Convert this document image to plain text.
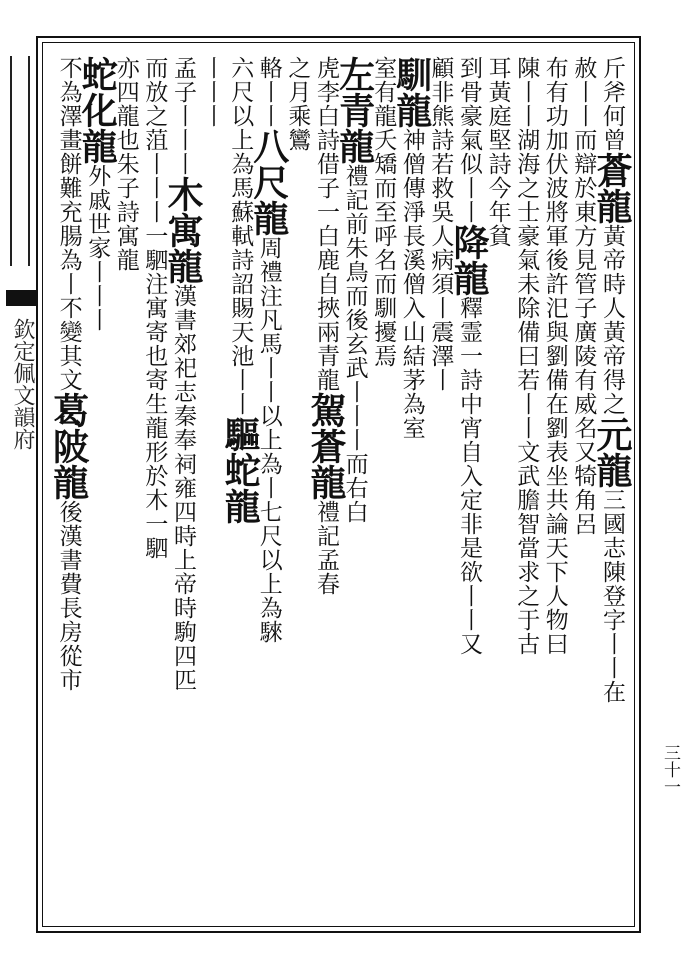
欽定佩文韻府
三十一
斤斧何曾蒼龍黃帝時人黃帝得之元龍三國志陳登字丨丨在
赦丨丨而辯於東方見管子廣陵有威名又犄角呂
布有功加伏波將軍後許汜與劉備在劉表坐共論天下人物曰
陳丨丨湖海之士豪氣未除備曰若丨丨文武膽智當求之于古
耳黃庭堅詩今年貧
到骨豪氣似丨丨降龍釋霊一詩中宵自入定非是欲丨丨又
顧非熊詩若救吳人病須丨震澤丨
馴龍神僧傳淨長溪僧入山結茅為室
室有龍夭矯而至呼名而馴擾焉
左青龍禮記前朱鳥而後玄武丨丨丨而右白
虎李白詩借子一白鹿自挾兩青龍駕蒼龍禮記孟春
之月乘鸞
輅丨丨八尺龍周禮注凡馬丨丨以上為丨七尺以上為騋
六尺以上為馬蘇軾詩詔賜天池丨丨驅蛇龍
丨丨丨
孟子丨丨丨木寓龍漢書郊祀志秦奉祠雍四時上帝時駒四匹
而放之菹丨丨丨一駟注寓寄也寄生龍形於木一駟
亦四龍也朱子詩寓龍
蛇化龍外戚世家丨丨丨
不為澤畫餅難充腸為丨不變其文葛陂龍後漢書費長房從市
